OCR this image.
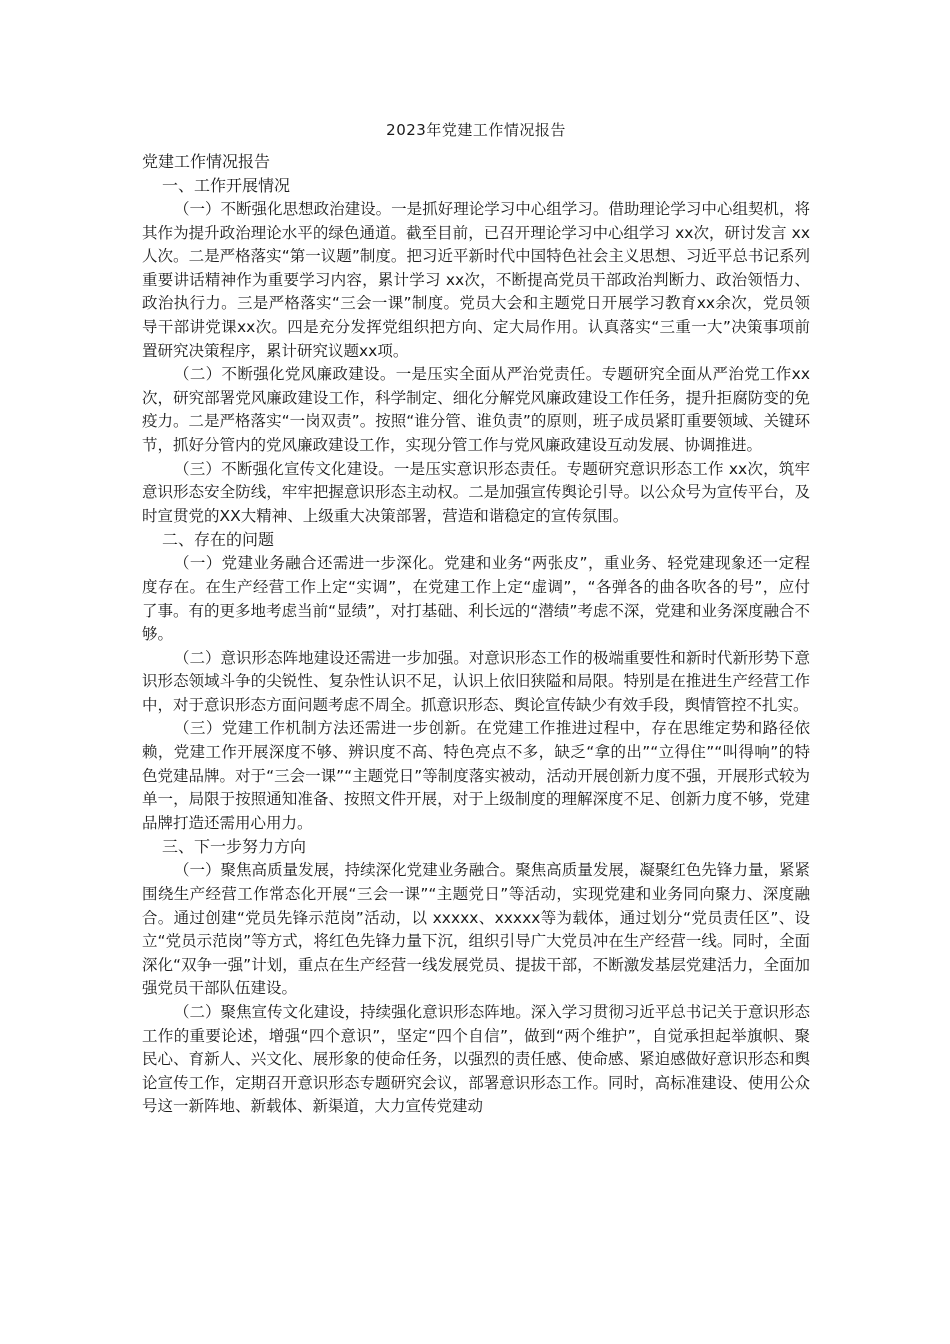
2023年党建工作情况报告

党建工作情况报告

一、工作开展情况

（一）不断强化思想政治建设。一是抓好理论学习中心组学习。借助理论学习中心组契机，将其作为提升政治理论水平的绿色通道。截至目前，已召开理论学习中心组学习 xx次，研讨发言 xx人次。二是严格落实“第一议题”制度。把习近平新时代中国特色社会主义思想、习近平总书记系列重要讲话精神作为重要学习内容，累计学习 xx次，不断提高党员干部政治判断力、政治领悟力、政治执行力。三是严格落实“三会一课”制度。党员大会和主题党日开展学习教育xx余次，党员领导干部讲党课xx次。四是充分发挥党组织把方向、定大局作用。认真落实“三重一大”决策事项前置研究决策程序，累计研究议题xx项。

（二）不断强化党风廉政建设。一是压实全面从严治党责任。专题研究全面从严治党工作xx次，研究部署党风廉政建设工作，科学制定、细化分解党风廉政建设工作任务，提升拒腐防变的免疫力。二是严格落实“一岗双责”。按照“谁分管、谁负责”的原则，班子成员紧盯重要领域、关键环节，抓好分管内的党风廉政建设工作，实现分管工作与党风廉政建设互动发展、协调推进。

（三）不断强化宣传文化建设。一是压实意识形态责任。专题研究意识形态工作 xx次，筑牢意识形态安全防线，牢牢把握意识形态主动权。二是加强宣传舆论引导。以公众号为宣传平台，及时宣贯党的XX大精神、上级重大决策部署，营造和谐稳定的宣传氛围。

二、存在的问题

（一）党建业务融合还需进一步深化。党建和业务“两张皮”，重业务、轻党建现象还一定程度存在。在生产经营工作上定“实调”，在党建工作上定“虚调”，“各弹各的曲各吹各的号”，应付了事。有的更多地考虑当前“显绩”，对打基础、利长远的“潜绩”考虑不深，党建和业务深度融合不够。

（二）意识形态阵地建设还需进一步加强。对意识形态工作的极端重要性和新时代新形势下意识形态领域斗争的尖锐性、复杂性认识不足，认识上依旧狭隘和局限。特别是在推进生产经营工作中，对于意识形态方面问题考虑不周全。抓意识形态、舆论宣传缺少有效手段，舆情管控不扎实。

（三）党建工作机制方法还需进一步创新。在党建工作推进过程中，存在思维定势和路径依赖，党建工作开展深度不够、辨识度不高、特色亮点不多，缺乏“拿的出”“立得住”“叫得响”的特色党建品牌。对于“三会一课”“主题党日”等制度落实被动，活动开展创新力度不强，开展形式较为单一，局限于按照通知准备、按照文件开展，对于上级制度的理解深度不足、创新力度不够，党建品牌打造还需用心用力。

三、下一步努力方向

（一）聚焦高质量发展，持续深化党建业务融合。聚焦高质量发展，凝聚红色先锋力量，紧紧围绕生产经营工作常态化开展“三会一课”“主题党日”等活动，实现党建和业务同向聚力、深度融合。通过创建“党员先锋示范岗”活动，以 xxxxx、xxxxx等为载体，通过划分“党员责任区”、设立“党员示范岗”等方式，将红色先锋力量下沉，组织引导广大党员冲在生产经营一线。同时，全面深化“双争一强”计划，重点在生产经营一线发展党员、提拔干部，不断激发基层党建活力，全面加强党员干部队伍建设。

（二）聚焦宣传文化建设，持续强化意识形态阵地。深入学习贯彻习近平总书记关于意识形态工作的重要论述，增强“四个意识”，坚定“四个自信”，做到“两个维护”，自觉承担起举旗帜、聚民心、育新人、兴文化、展形象的使命任务，以强烈的责任感、使命感、紧迫感做好意识形态和舆论宣传工作，定期召开意识形态专题研究会议，部署意识形态工作。同时，高标准建设、使用公众号这一新阵地、新载体、新渠道，大力宣传党建动
